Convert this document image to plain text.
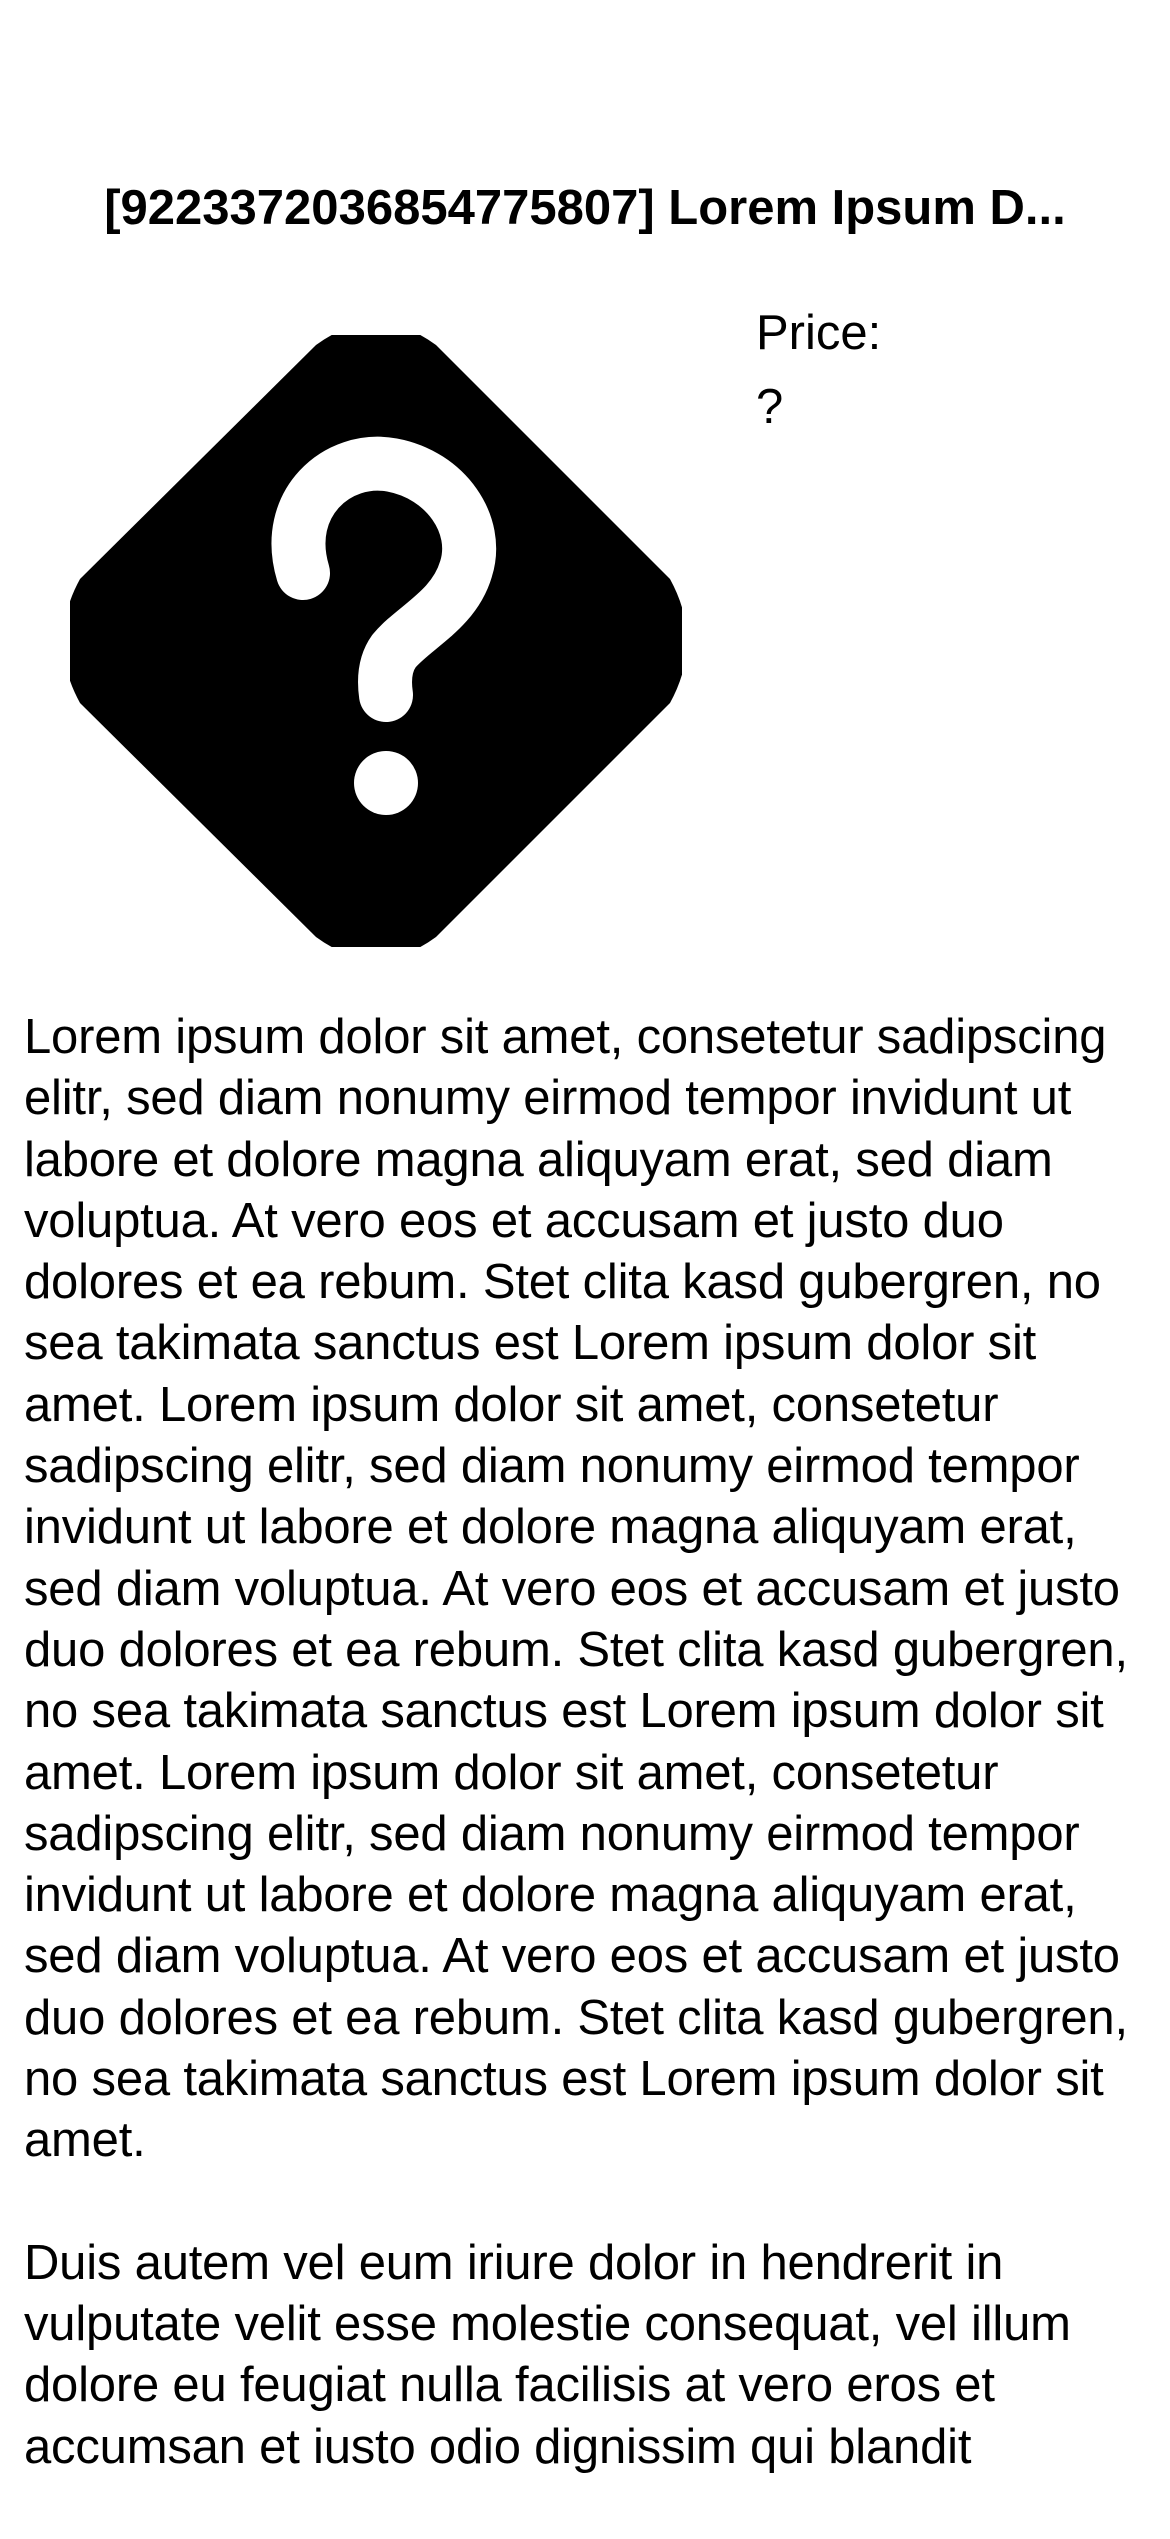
[9223372036854775807] Lorem Ipsum D...
Price:
?

Lorem ipsum dolor sit amet, consetetur sadipscing elitr, sed diam nonumy eirmod tempor invidunt ut labore et dolore magna aliquyam erat, sed diam voluptua. At vero eos et accusam et justo duo dolores et ea rebum. Stet clita kasd gubergren, no sea takimata sanctus est Lorem ipsum dolor sit amet. Lorem ipsum dolor sit amet, consetetur sadipscing elitr, sed diam nonumy eirmod tempor invidunt ut labore et dolore magna aliquyam erat, sed diam voluptua. At vero eos et accusam et justo duo dolores et ea rebum. Stet clita kasd gubergren, no sea takimata sanctus est Lorem ipsum dolor sit amet. Lorem ipsum dolor sit amet, consetetur sadipscing elitr, sed diam nonumy eirmod tempor invidunt ut labore et dolore magna aliquyam erat, sed diam voluptua. At vero eos et accusam et justo duo dolores et ea rebum. Stet clita kasd gubergren, no sea takimata sanctus est Lorem ipsum dolor sit amet.

Duis autem vel eum iriure dolor in hendrerit in vulputate velit esse molestie consequat, vel illum dolore eu feugiat nulla facilisis at vero eros et accumsan et iusto odio dignissim qui blandit
